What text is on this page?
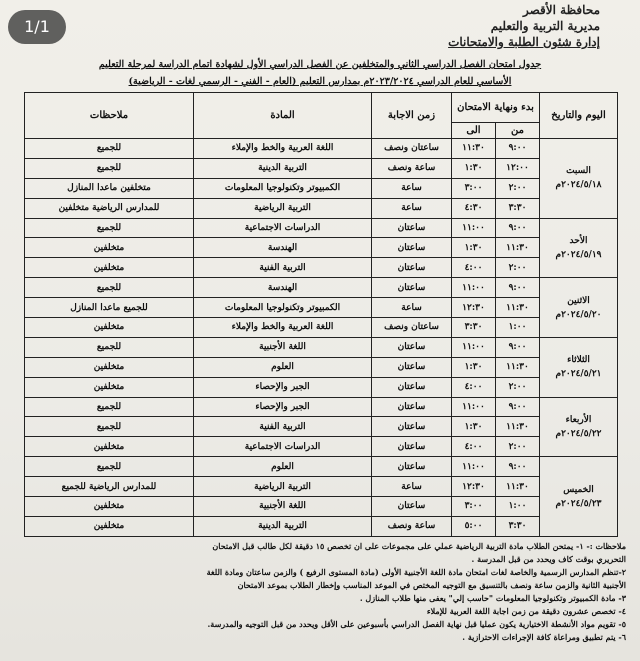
1/1
محافظة الأقصر
مديرية التربية والتعليم
إدارة شئون الطلبة والامتحانات
جدول امتحان الفصل الدراسي الثاني والمتخلفين عن الفصل الدراسي الأول لشهادة اتمام الدراسة لمرحلة التعليم
الأساسي للعام الدراسي ٢٠٢٣/٢٠٢٤م بمدارس التعليم (العام - الفني - الرسمي لغات - الرياضية)
اليوم والتاريخ	بدء ونهاية الامتحان		زمن الاجابة	المادة	ملاحظات
	من	الى			

السبت
٢٠٢٤/٥/١٨م	٩:٠٠	١١:٣٠	ساعتان ونصف	اللغة العربية والخط والإملاء	للجميع
	١٢:٠٠	١:٣٠	ساعة ونصف	التربية الدينية	للجميع
	٢:٠٠	٣:٠٠	ساعة	الكمبيوتر وتكنولوجيا المعلومات	متخلفين ماعدا المنازل
	٣:٣٠	٤:٣٠	ساعة	التربية الرياضية	للمدارس الرياضية متخلفين

الأحد
٢٠٢٤/٥/١٩م	٩:٠٠	١١:٠٠	ساعتان	الدراسات الاجتماعية	للجميع
	١١:٣٠	١:٣٠	ساعتان	الهندسة	متخلفين
	٢:٠٠	٤:٠٠	ساعتان	التربية الفنية	متخلفين

الاثنين
٢٠٢٤/٥/٢٠م	٩:٠٠	١١:٠٠	ساعتان	الهندسة	للجميع
	١١:٣٠	١٢:٣٠	ساعة	الكمبيوتر وتكنولوجيا المعلومات	للجميع ماعدا المنازل
	١:٠٠	٣:٣٠	ساعتان ونصف	اللغة العربية والخط والإملاء	متخلفين

الثلاثاء
٢٠٢٤/٥/٢١م	٩:٠٠	١١:٠٠	ساعتان	اللغة الأجنبية	للجميع
	١١:٣٠	١:٣٠	ساعتان	العلوم	متخلفين
	٢:٠٠	٤:٠٠	ساعتان	الجبر والإحصاء	متخلفين

الأربعاء
٢٠٢٤/٥/٢٢م	٩:٠٠	١١:٠٠	ساعتان	الجبر والإحصاء	للجميع
	١١:٣٠	١:٣٠	ساعتان	التربية الفنية	للجميع
	٢:٠٠	٤:٠٠	ساعتان	الدراسات الاجتماعية	متخلفين

الخميس
٢٠٢٤/٥/٢٣م	٩:٠٠	١١:٠٠	ساعتان	العلوم	للجميع
	١١:٣٠	١٢:٣٠	ساعة	التربية الرياضية	للمدارس الرياضية للجميع
	١:٠٠	٣:٠٠	ساعتان	اللغة الأجنبية	متخلفين
	٣:٣٠	٥:٠٠	ساعة ونصف	التربية الدينية	متخلفين
ملاحظات :- ١- يمتحن الطلاب مادة التربية الرياضية عملي على مجموعات على ان تخصص ١٥ دقيقة لكل طالب قبل الامتحان
التحريري بوقت كاف ويحدد من قبل المدرسة .
٢-تنظم المدارس الرسمية والخاصة لغات امتحان مادة اللغة الأجنبية الأولى (مادة المستوى الرفيع ) والزمن ساعتان ومادة اللغة
الأجنبية الثانية والزمن ساعة ونصف بالتنسيق مع التوجيه المختص في الموعد المناسب وإخطار الطلاب بموعد الامتحان
٣- مادة الكمبيوتر وتكنولوجيا المعلومات "حاسب إلي" يعفى منها طلاب المنازل .
٤- تخصص عشرون دقيقة من زمن اجابة اللغة العربية للإملاء
٥- تقويم مواد الأنشطة الاختيارية يكون عمليا قبل نهاية الفصل الدراسي بأسبوعين على الأقل ويحدد من قبل التوجيه والمدرسة.
٦- يتم تطبيق ومراعاة كافة الإجراءات الاحترازية .
